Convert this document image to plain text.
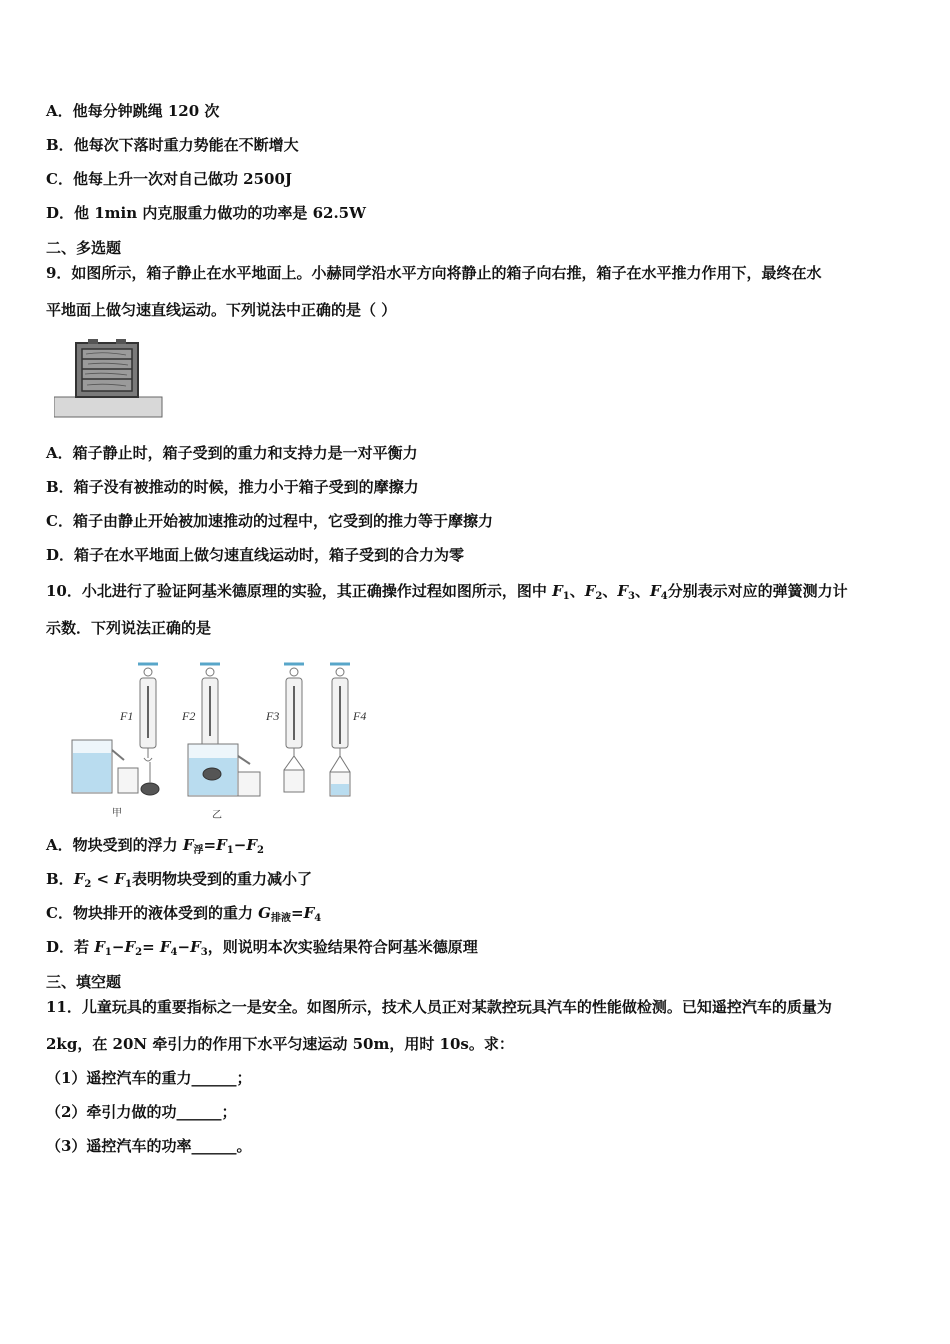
A．他每分钟跳绳 120 次
B．他每次下落时重力势能在不断增大
C．他每上升一次对自己做功 2500J
D．他 1min 内克服重力做功的功率是 62.5W
二、多选题
9．如图所示，箱子静止在水平地面上。小赫同学沿水平方向将静止的箱子向右推，箱子在水平推力作用下，最终在水
平地面上做匀速直线运动。下列说法中正确的是（ ）
A．箱子静止时，箱子受到的重力和支持力是一对平衡力
B．箱子没有被推动的时候，推力小于箱子受到的摩擦力
C．箱子由静止开始被加速推动的过程中，它受到的推力等于摩擦力
D．箱子在水平地面上做匀速直线运动时，箱子受到的合力为零
10．小北进行了验证阿基米德原理的实验，其正确操作过程如图所示，图中 $F_1$、$F_2$、$F_3$、$F_4$分别表示对应的弹簧测力计
示数．下列说法正确的是
F1	F2	F3	F4
甲	乙
A．物块受到的浮力 $F_浮=F_1-F_2$
B．$F_2 < F_1$表明物块受到的重力减小了
C．物块排开的液体受到的重力 $G_{排液}=F_4$
D．若 $F_1-F_2= F_4-F_3$，则说明本次实验结果符合阿基米德原理
三、填空题
11．儿童玩具的重要指标之一是安全。如图所示，技术人员正对某款控玩具汽车的性能做检测。已知遥控汽车的质量为
2kg，在 20N 牵引力的作用下水平匀速运动 50m，用时 10s。求：
（1）遥控汽车的重力______；
（2）牵引力做的功______；
（3）遥控汽车的功率______。
